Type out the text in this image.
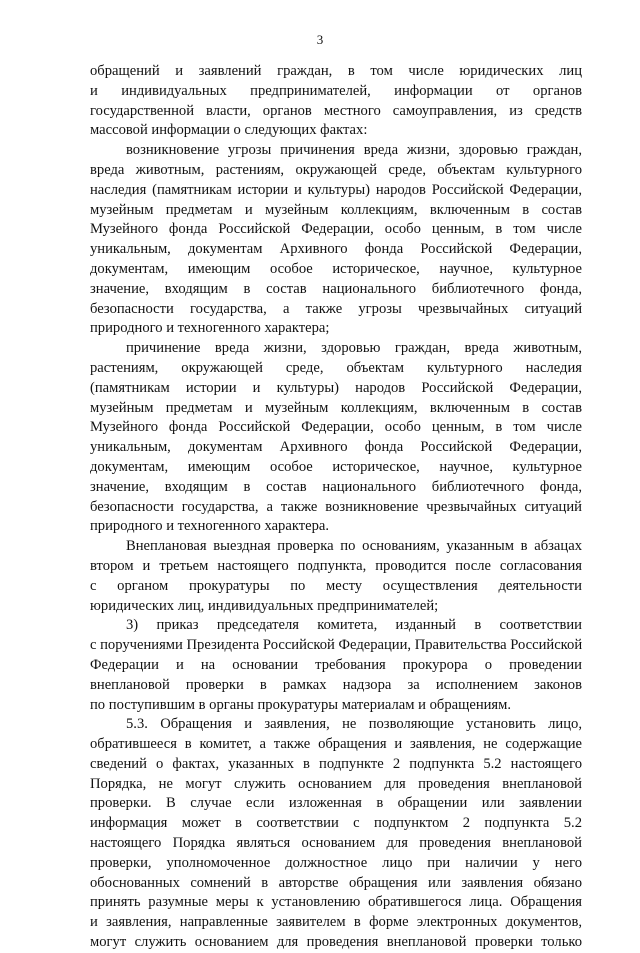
3
обращений и заявлений граждан, в том числе юридических лиц
и индивидуальных предпринимателей, информации от органов
государственной власти, органов местного самоуправления, из средств
массовой информации о следующих фактах:
возникновение угрозы причинения вреда жизни, здоровью граждан,
вреда животным, растениям, окружающей среде, объектам культурного
наследия (памятникам истории и культуры) народов Российской Федерации,
музейным предметам и музейным коллекциям, включенным в состав
Музейного фонда Российской Федерации, особо ценным, в том числе
уникальным, документам Архивного фонда Российской Федерации,
документам, имеющим особое историческое, научное, культурное
значение, входящим в состав национального библиотечного фонда,
безопасности государства, а также угрозы чрезвычайных ситуаций
природного и техногенного характера;
причинение вреда жизни, здоровью граждан, вреда животным,
растениям, окружающей среде, объектам культурного наследия
(памятникам истории и культуры) народов Российской Федерации,
музейным предметам и музейным коллекциям, включенным в состав
Музейного фонда Российской Федерации, особо ценным, в том числе
уникальным, документам Архивного фонда Российской Федерации,
документам, имеющим особое историческое, научное, культурное
значение, входящим в состав национального библиотечного фонда,
безопасности государства, а также возникновение чрезвычайных ситуаций
природного и техногенного характера.
Внеплановая выездная проверка по основаниям, указанным в абзацах
втором и третьем настоящего подпункта, проводится после согласования
с органом прокуратуры по месту осуществления деятельности
юридических лиц, индивидуальных предпринимателей;
3) приказ председателя комитета, изданный в соответствии
с поручениями Президента Российской Федерации, Правительства Российской
Федерации и на основании требования прокурора о проведении
внеплановой проверки в рамках надзора за исполнением законов
по поступившим в органы прокуратуры материалам и обращениям.
5.3. Обращения и заявления, не позволяющие установить лицо,
обратившееся в комитет, а также обращения и заявления, не содержащие
сведений о фактах, указанных в подпункте 2 подпункта 5.2 настоящего
Порядка, не могут служить основанием для проведения внеплановой
проверки. В случае если изложенная в обращении или заявлении
информация может в соответствии с подпунктом 2 подпункта 5.2
настоящего Порядка являться основанием для проведения внеплановой
проверки, уполномоченное должностное лицо при наличии у него
обоснованных сомнений в авторстве обращения или заявления обязано
принять разумные меры к установлению обратившегося лица. Обращения
и заявления, направленные заявителем в форме электронных документов,
могут служить основанием для проведения внеплановой проверки только
